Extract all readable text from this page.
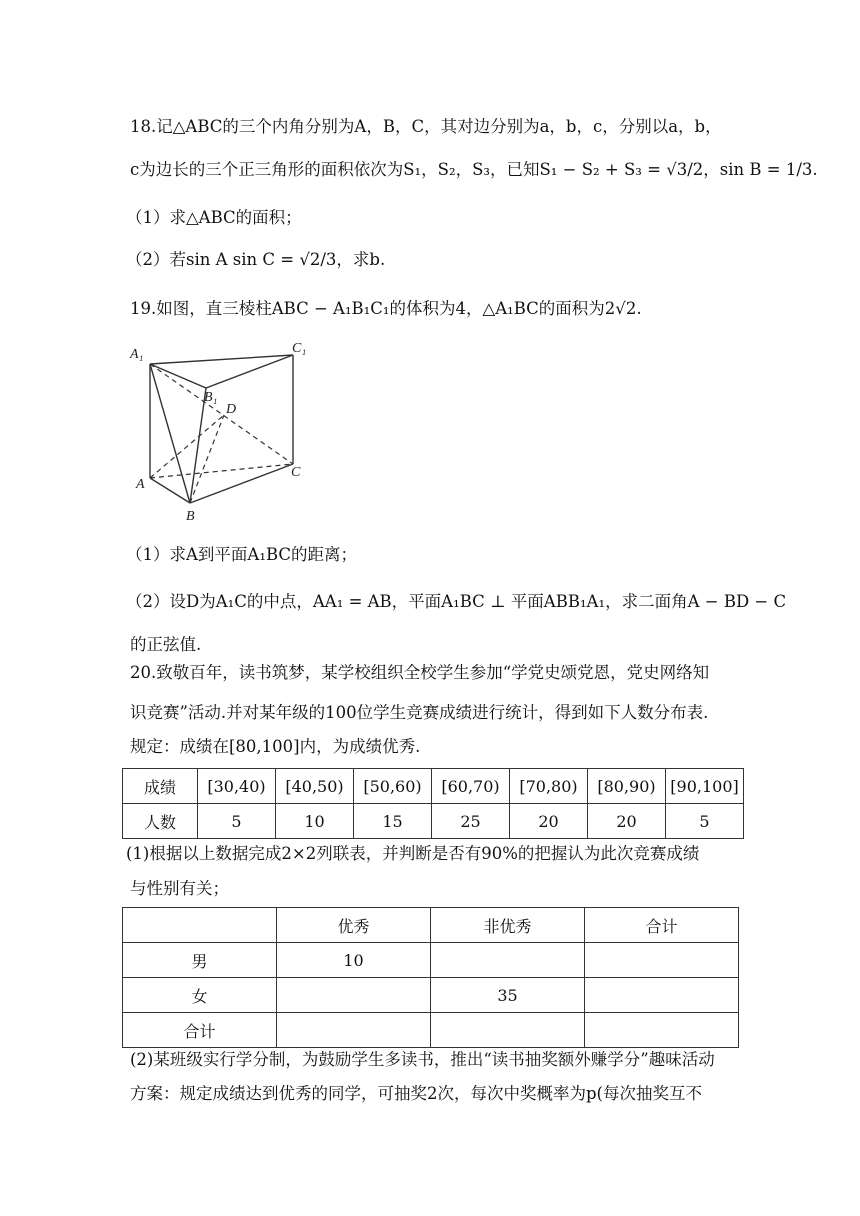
18.记△ABC的三个内角分别为A，B，C，其对边分别为a，b，c，分别以a，b，
c为边长的三个正三角形的面积依次为S₁，S₂，S₃，已知S₁ − S₂ + S₃ = √3/2，sin B = 1/3.
（1）求△ABC的面积；
（2）若sin A sin C = √2/3，求b.
19.如图，直三棱柱ABC − A₁B₁C₁的体积为4，△A₁BC的面积为2√2.
A₁	C₁
B₁
D
A
C
B
（1）求A到平面A₁BC的距离；
（2）设D为A₁C的中点，AA₁ = AB，平面A₁BC ⊥ 平面ABB₁A₁，求二面角A − BD − C
的正弦值.
20.致敬百年，读书筑梦，某学校组织全校学生参加“学党史颂党恩，党史网络知
识竞赛”活动.并对某年级的100位学生竞赛成绩进行统计，得到如下人数分布表.
规定：成绩在[80,100]内，为成绩优秀.
成绩	[30,40)	[40,50)	[50,60)	[60,70)	[70,80)	[80,90)	[90,100]
人数	5	10	15	25	20	20	5
(1)根据以上数据完成2×2列联表，并判断是否有90%的把握认为此次竞赛成绩
与性别有关；
	优秀	非优秀	合计
男	10		
女		35	
合计			
(2)某班级实行学分制，为鼓励学生多读书，推出“读书抽奖额外赚学分”趣味活动
方案：规定成绩达到优秀的同学，可抽奖2次，每次中奖概率为p(每次抽奖互不
